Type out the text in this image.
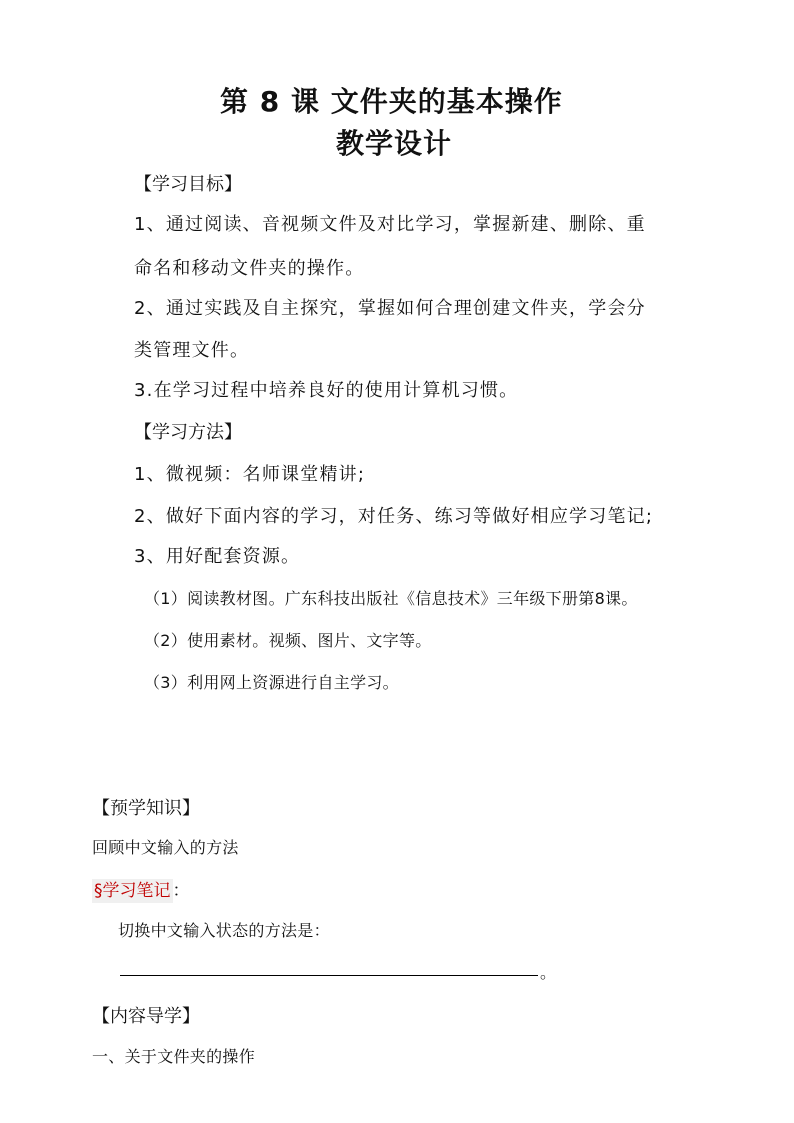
第 8 课 文件夹的基本操作
教学设计
【学习目标】
1、通过阅读、音视频文件及对比学习，掌握新建、删除、重
命名和移动文件夹的操作。
2、通过实践及自主探究，掌握如何合理创建文件夹，学会分
类管理文件。
3.在学习过程中培养良好的使用计算机习惯。
【学习方法】
1、微视频：名师课堂精讲;
2、做好下面内容的学习，对任务、练习等做好相应学习笔记;
3、用好配套资源。
（1）阅读教材图。广东科技出版社《信息技术》三年级下册第8课。
（2）使用素材。视频、图片、文字等。
（3）利用网上资源进行自主学习。
【预学知识】
回顾中文输入的方法
§学习笔记 ：
切换中文输入状态的方法是：
。
【内容导学】
一、关于文件夹的操作
